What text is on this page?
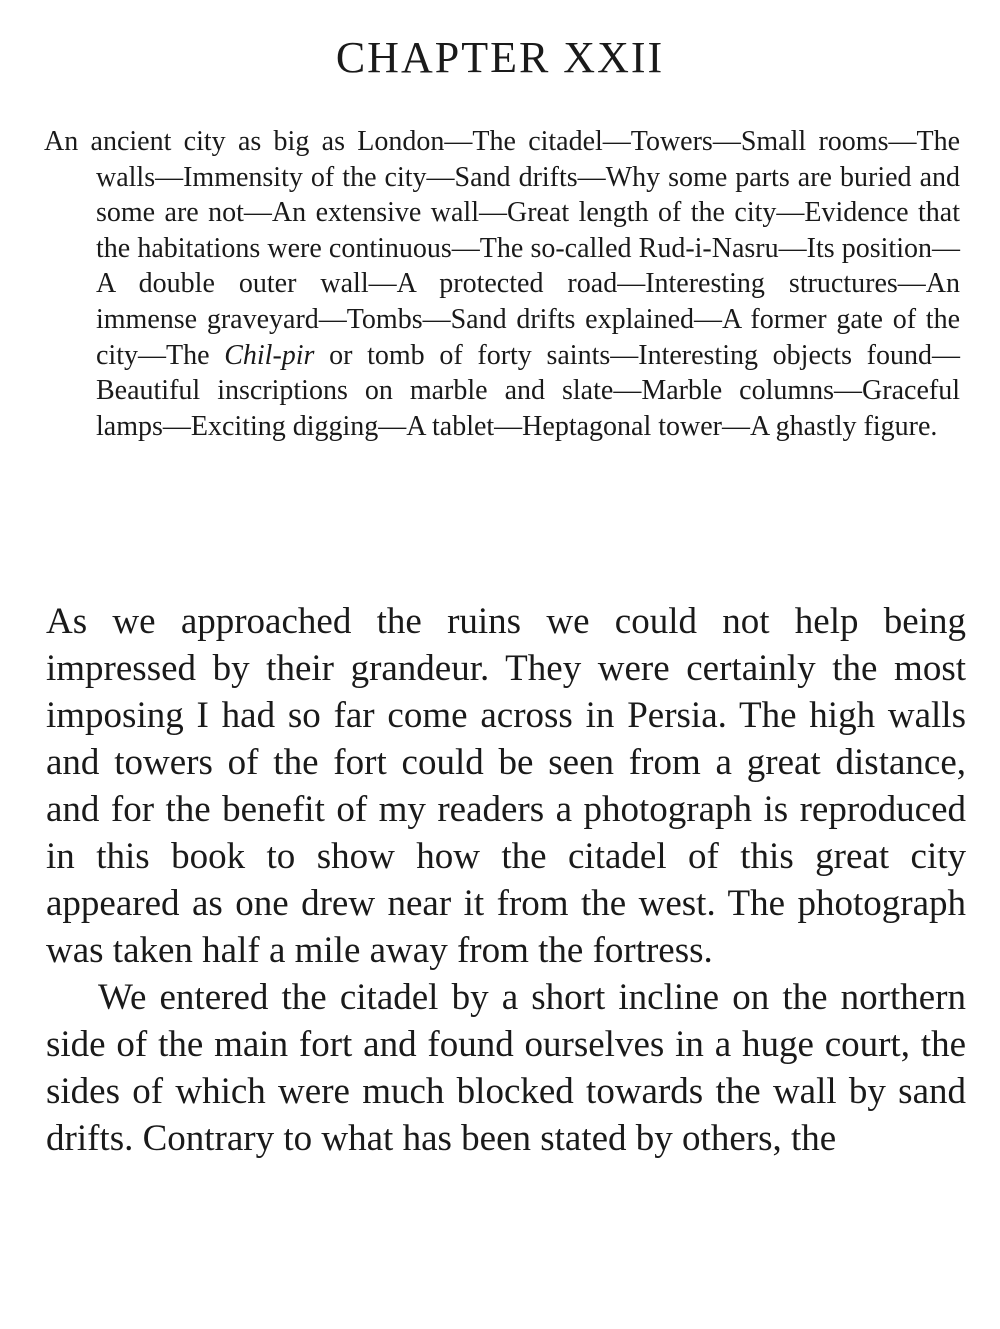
CHAPTER XXII

An ancient city as big as London—The citadel—Towers—Small rooms—The walls—Immensity of the city—Sand drifts—Why some parts are buried and some are not—An extensive wall—Great length of the city—Evidence that the habitations were continuous—The so-called Rud-i-Nasru—Its position—A double outer wall—A protected road—Interesting structures—An immense graveyard—Tombs—Sand drifts explained—A former gate of the city—The Chil-pir or tomb of forty saints—Interesting objects found—Beautiful inscriptions on marble and slate—Marble columns—Graceful lamps—Exciting digging—A tablet—Heptagonal tower—A ghastly figure.

As we approached the ruins we could not help being impressed by their grandeur. They were certainly the most imposing I had so far come across in Persia. The high walls and towers of the fort could be seen from a great distance, and for the benefit of my readers a photograph is reproduced in this book to show how the citadel of this great city appeared as one drew near it from the west. The photograph was taken half a mile away from the fortress.

We entered the citadel by a short incline on the northern side of the main fort and found ourselves in a huge court, the sides of which were much blocked towards the wall by sand drifts. Contrary to what has been stated by others, the
